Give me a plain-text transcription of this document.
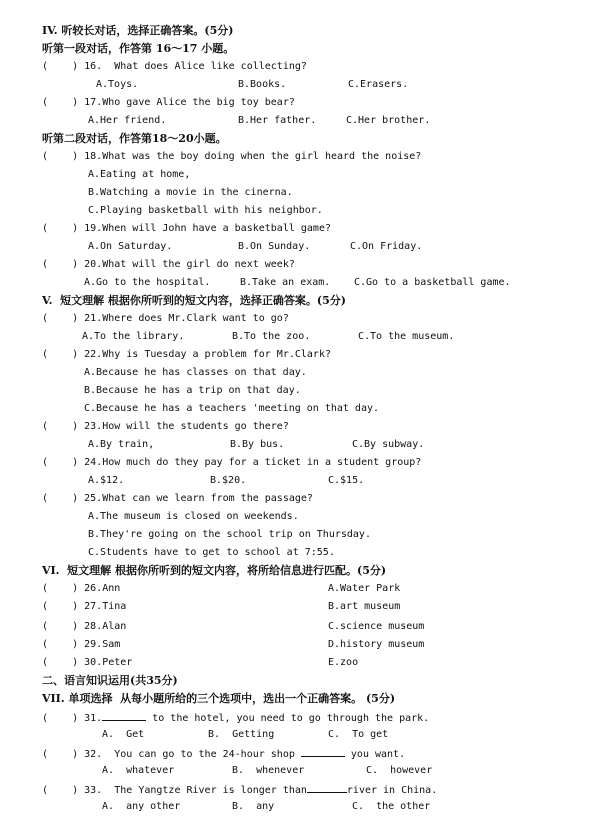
IV. 听较长对话，选择正确答案。(5分)
听第一段对话，作答第 16～17 小题。
(    ) 16.  What does Alice like collecting?
A.Toys.	B.Books.	C.Erasers.
(    ) 17.Who gave Alice the big toy bear?
A.Her friend.	B.Her father.	C.Her brother.
听第二段对话，作答第18～20小题。
(    ) 18.What was the boy doing when the girl heard the noise?
A.Eating at home,
B.Watching a movie in the cinerna.
C.Playing basketball with his neighbor.
(    ) 19.When will John have a basketball game?
A.On Saturday.	B.On Sunday.	C.On Friday.
(    ) 20.What will the girl do next week?
A.Go to the hospital.	B.Take an exam. C.Go to a basketball game.
V.  短文理解 根据你所听到的短文内容，选择正确答案。(5分)
(    ) 21.Where does Mr.Clark want to go?
A.To the library.	B.To the zoo.	C.To the museum.
(    ) 22.Why is Tuesday a problem for Mr.Clark?
A.Because he has classes on that day.
B.Because he has a trip on that day.
C.Because he has a teachers 'meeting on that day.
(    ) 23.How will the students go there?
A.By train,	B.By bus.	C.By subway.
(    ) 24.How much do they pay for a ticket in a student group?
A.$12.	B.$20.	C.$15.
(    ) 25.What can we learn from the passage?
A.The museum is closed on weekends.
B.They're going on the school trip on Thursday.
C.Students have to get to school at 7:55.
VI.  短文理解 根据你所听到的短文内容，将所给信息进行匹配。(5分)
(    ) 26.Ann	A.Water Park
(    ) 27.Tina	B.art museum
(    ) 28.Alan	C.science museum
(    ) 29.Sam	D.history museum
(    ) 30.Peter	E.zoo
二、语言知识运用(共35分)
VII. 单项选择  从每小题所给的三个选项中，选出一个正确答案。 (5分)
(    ) 31.	to the hotel, you need to go through the park.
A.  Get	B.  Getting	C.  To get
(    ) 32.  You can go to the 24-hour shop	you want.
A.  whatever	B.  whenever	C.  however
(    ) 33.  The Yangtze River is longer than	river in China.
A.  any other	B.  any	C.  the other
